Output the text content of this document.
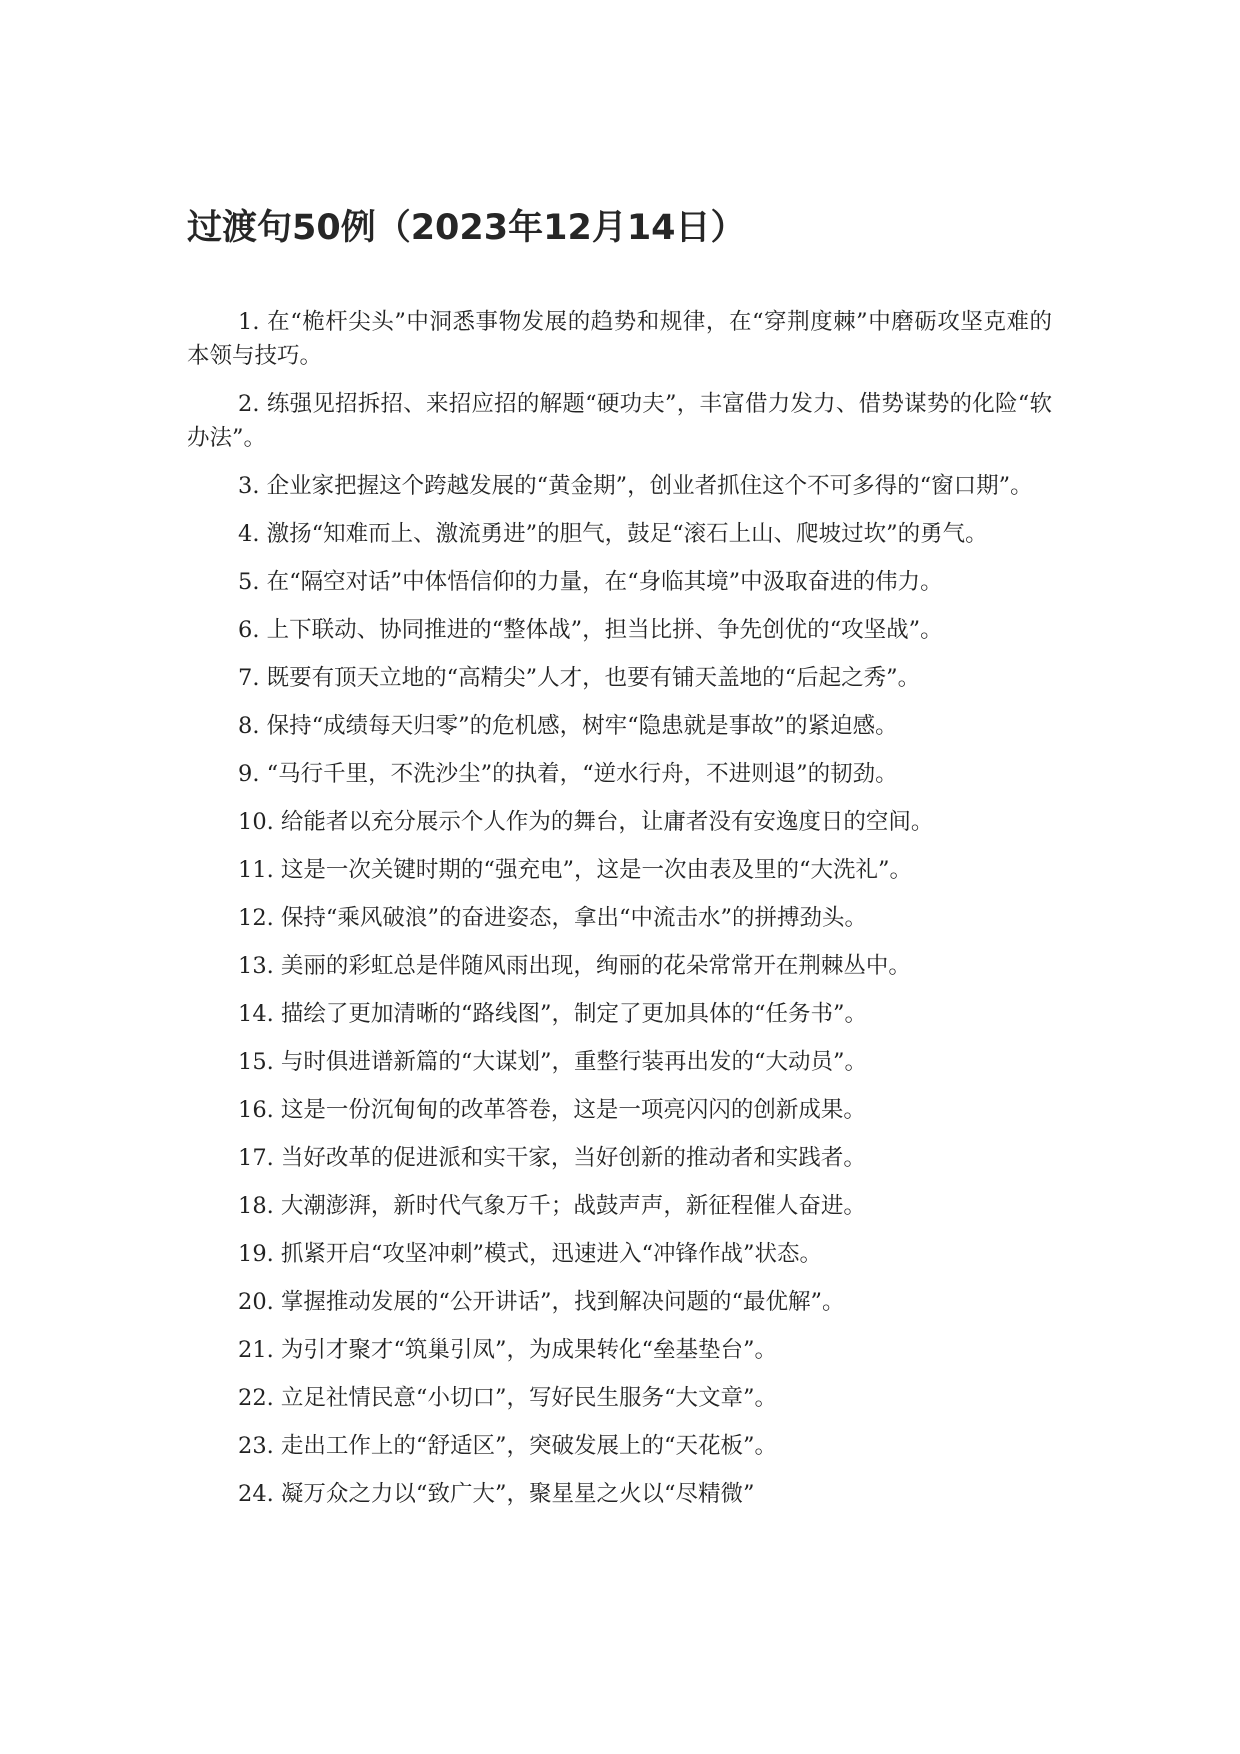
过渡句50例（2023年12月14日）
1. 在“桅杆尖头”中洞悉事物发展的趋势和规律，在“穿荆度棘”中磨砺攻坚克难的本领与技巧。
2. 练强见招拆招、来招应招的解题“硬功夫”，丰富借力发力、借势谋势的化险“软办法”。
3. 企业家把握这个跨越发展的“黄金期”，创业者抓住这个不可多得的“窗口期”。
4. 激扬“知难而上、激流勇进”的胆气，鼓足“滚石上山、爬坡过坎”的勇气。
5. 在“隔空对话”中体悟信仰的力量，在“身临其境”中汲取奋进的伟力。
6. 上下联动、协同推进的“整体战”，担当比拼、争先创优的“攻坚战”。
7. 既要有顶天立地的“高精尖”人才，也要有铺天盖地的“后起之秀”。
8. 保持“成绩每天归零”的危机感，树牢“隐患就是事故”的紧迫感。
9. “马行千里，不洗沙尘”的执着，“逆水行舟，不进则退”的韧劲。
10. 给能者以充分展示个人作为的舞台，让庸者没有安逸度日的空间。
11. 这是一次关键时期的“强充电”，这是一次由表及里的“大洗礼”。
12. 保持“乘风破浪”的奋进姿态，拿出“中流击水”的拼搏劲头。
13. 美丽的彩虹总是伴随风雨出现，绚丽的花朵常常开在荆棘丛中。
14. 描绘了更加清晰的“路线图”，制定了更加具体的“任务书”。
15. 与时俱进谱新篇的“大谋划”，重整行装再出发的“大动员”。
16. 这是一份沉甸甸的改革答卷，这是一项亮闪闪的创新成果。
17. 当好改革的促进派和实干家，当好创新的推动者和实践者。
18. 大潮澎湃，新时代气象万千；战鼓声声，新征程催人奋进。
19. 抓紧开启“攻坚冲刺”模式，迅速进入“冲锋作战”状态。
20. 掌握推动发展的“公开讲话”，找到解决问题的“最优解”。
21. 为引才聚才“筑巢引凤”，为成果转化“垒基垫台”。
22. 立足社情民意“小切口”，写好民生服务“大文章”。
23. 走出工作上的“舒适区”，突破发展上的“天花板”。
24. 凝万众之力以“致广大”，聚星星之火以“尽精微”
